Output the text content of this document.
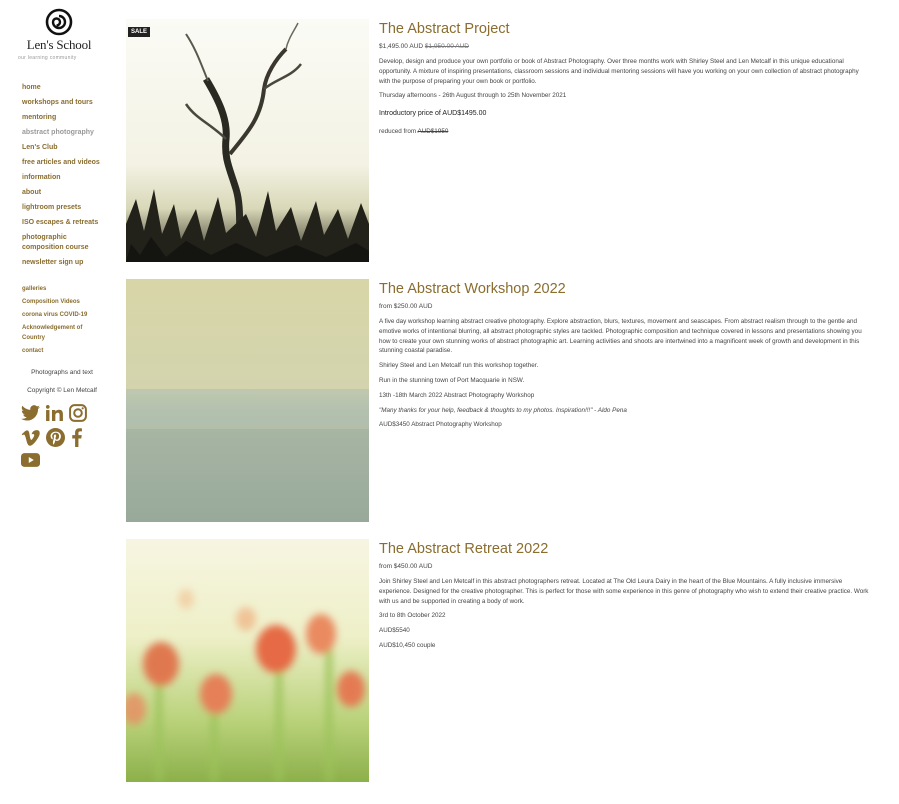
Len's School
our learning community
home
workshops and tours
mentoring
abstract photography
Len's Club
free articles and videos
information
about
lightroom presets
ISO escapes & retreats
photographic composition course
newsletter sign up
galleries
Composition Videos
corona virus COVID-19
Acknowledgement of Country
contact
Photographs and text
Copyright © Len Metcalf
SALE	The Abstract Project
$1,495.00 AUD $1,950.00 AUD

Develop, design and produce your own portfolio or book of Abstract Photography. Over three months work with Shirley Steel and Len Metcalf in this unique educational opportunity. A mixture of inspiring presentations, classroom sessions and individual mentoring sessions will have you working on your own collection of abstract photography with the purpose of preparing your own book or portfolio.

Thursday afternoons - 26th August through to 25th November 2021

Introductory price of AUD$1495.00

reduced from AUD$1950

The Abstract Workshop 2022
from $250.00 AUD

A five day workshop learning abstract creative photography. Explore abstraction, blurs, textures, movement and seascapes. From abstract realism through to the gentle and emotive works of intentional blurring, all abstract photographic styles are tackled. Photographic composition and technique covered in lessons and presentations showing you how to create your own stunning works of abstract photographic art. Learning activities and shoots are intertwined into a magnificent week of growth and development in this stunning coastal paradise.

Shirley Steel and Len Metcalf run this workshop together.

Run in the stunning town of Port Macquarie in NSW.

13th -18th March 2022 Abstract Photography Workshop

"Many thanks for your help, feedback & thoughts to my photos. Inspiration!!!" - Aldo Pena

AUD$3450 Abstract Photography Workshop

The Abstract Retreat 2022
from $450.00 AUD

Join Shirley Steel and Len Metcalf in this abstract photographers retreat. Located at The Old Leura Dairy in the heart of the Blue Mountains. A fully inclusive immersive experience. Designed for the creative photographer. This is perfect for those with some experience in this genre of photography who wish to extend their creative practice. Work with us and be supported in creating a body of work.

3rd to 8th October 2022

AUD$5540

AUD$10,450 couple
